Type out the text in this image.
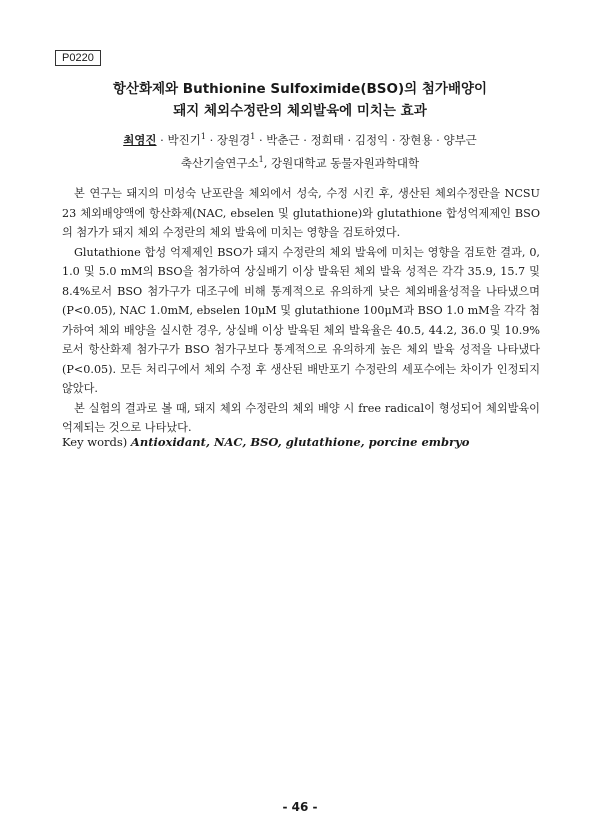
P0220
항산화제와 Buthionine Sulfoximide(BSO)의 첨가배양이
돼지 체외수정란의 체외발육에 미치는 효과
최영진 · 박진기$^1$ · 장원경$^1$ · 박춘근 · 정희태 · 김정익 · 장현용 · 양부근
축산기술연구소$^1$, 강원대학교 동물자원과학대학

본 연구는 돼지의 미성숙 난포란을 체외에서 성숙, 수정 시킨 후, 생산된 체외수정란을 NCSU 23 체외배양액에 항산화제(NAC, ebselen 및 glutathione)와 glutathione 합성억제제인 BSO의 첨가가 돼지 체외 수정란의 체외 발육에 미치는 영향을 검토하였다.

Glutathione 합성 억제제인 BSO가 돼지 수정란의 체외 발육에 미치는 영향을 검토한 결과, 0, 1.0 및 5.0 mM의 BSO을 첨가하여 상실배기 이상 발육된 체외 발육 성적은 각각 35.9, 15.7 및 8.4%로서 BSO 첨가구가 대조구에 비해 통계적으로 유의하게 낮은 체외배율성적을 나타냈으며(P<0.05), NAC 1.0mM, ebselen 10μM 및 glutathione 100μM과 BSO 1.0 mM을 각각 첨가하여 체외 배양을 실시한 경우, 상실배 이상 발육된 체외 발육율은 40.5, 44.2, 36.0 및 10.9%로서 항산화제 첨가구가 BSO 첨가구보다 통계적으로 유의하게 높은 체외 발육 성적을 나타냈다(P<0.05). 모든 처리구에서 체외 수정 후 생산된 배반포기 수정란의 세포수에는 차이가 인정되지 않았다.

본 실험의 결과로 볼 때, 돼지 체외 수정란의 체외 배양 시 free radical이 형성되어 체외발육이 억제되는 것으로 나타났다.

Key words) Antioxidant, NAC, BSO, glutathione, porcine embryo
- 46 -
